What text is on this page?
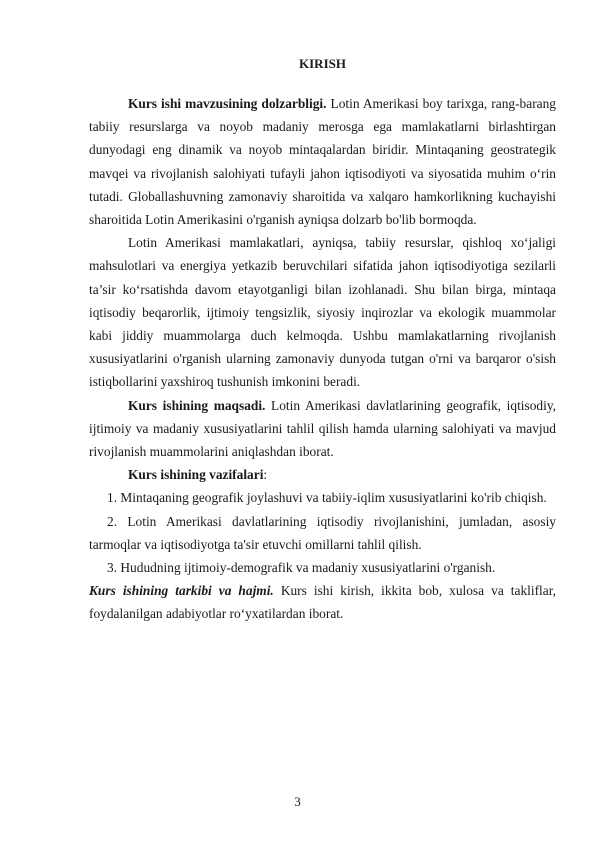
KIRISH

Kurs ishi mavzusining dolzarbligi. Lotin Amerikasi boy tarixga, rang-barang tabiiy resurslarga va noyob madaniy merosga ega mamlakatlarni birlashtirgan dunyodagi eng dinamik va noyob mintaqalardan biridir. Mintaqaning geostrategik mavqei va rivojlanish salohiyati tufayli jahon iqtisodiyoti va siyosatida muhim o‘rin tutadi. Globallashuvning zamonaviy sharoitida va xalqaro hamkorlikning kuchayishi sharoitida Lotin Amerikasini o'rganish ayniqsa dolzarb bo'lib bormoqda.

Lotin Amerikasi mamlakatlari, ayniqsa, tabiiy resurslar, qishloq xo‘jaligi mahsulotlari va energiya yetkazib beruvchilari sifatida jahon iqtisodiyotiga sezilarli ta’sir ko‘rsatishda davom etayotganligi bilan izohlanadi. Shu bilan birga, mintaqa iqtisodiy beqarorlik, ijtimoiy tengsizlik, siyosiy inqirozlar va ekologik muammolar kabi jiddiy muammolarga duch kelmoqda. Ushbu mamlakatlarning rivojlanish xususiyatlarini o'rganish ularning zamonaviy dunyoda tutgan o'rni va barqaror o'sish istiqbollarini yaxshiroq tushunish imkonini beradi.

Kurs ishining maqsadi. Lotin Amerikasi davlatlarining geografik, iqtisodiy, ijtimoiy va madaniy xususiyatlarini tahlil qilish hamda ularning salohiyati va mavjud rivojlanish muammolarini aniqlashdan iborat.

Kurs ishining vazifalari:

1. Mintaqaning geografik joylashuvi va tabiiy-iqlim xususiyatlarini ko'rib chiqish.

2. Lotin Amerikasi davlatlarining iqtisodiy rivojlanishini, jumladan, asosiy tarmoqlar va iqtisodiyotga ta'sir etuvchi omillarni tahlil qilish.

3. Hududning ijtimoiy-demografik va madaniy xususiyatlarini o'rganish.

Kurs ishining tarkibi va hajmi. Kurs ishi kirish, ikkita bob, xulosa va takliflar, foydalanilgan adabiyotlar ro‘yxatilardan iborat.

3
